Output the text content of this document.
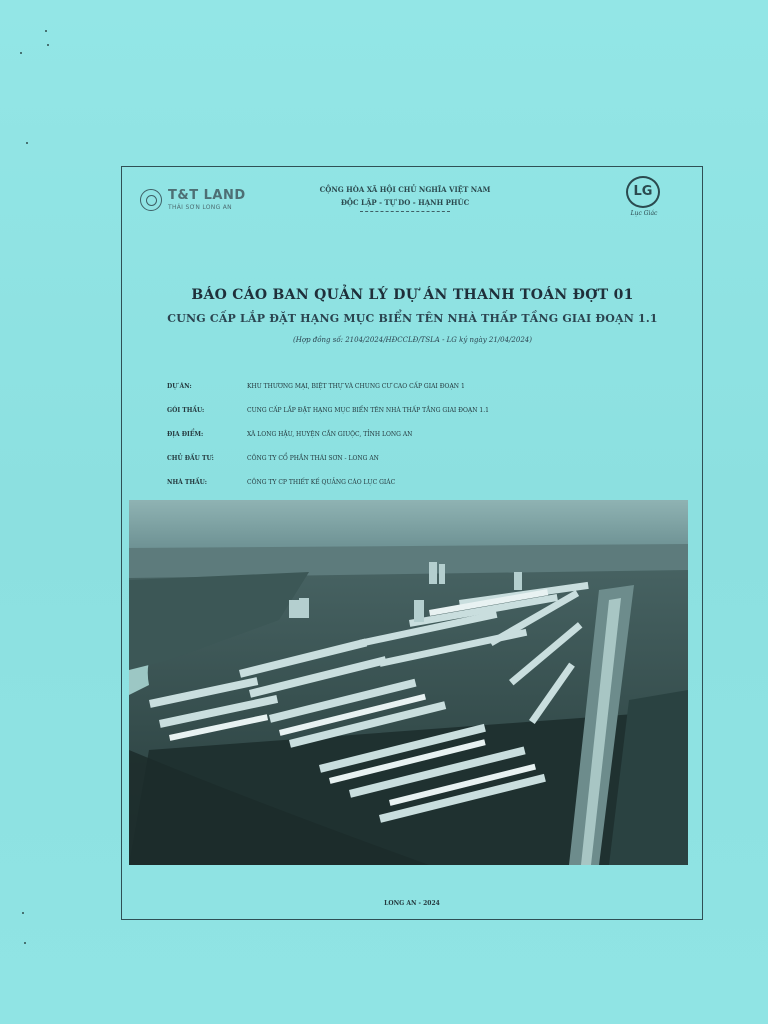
T&T LAND
THÁI SƠN LONG AN
CỘNG HÒA XÃ HỘI CHỦ NGHĨA VIỆT NAM
ĐỘC LẬP - TỰ DO - HẠNH PHÚC
LG
Lục Giác
BÁO CÁO BAN QUẢN LÝ DỰ ÁN THANH TOÁN ĐỢT 01
CUNG CẤP LẮP ĐẶT HẠNG MỤC BIỂN TÊN NHÀ THẤP TẦNG GIAI ĐOẠN 1.1
(Hợp đồng số: 2104/2024/HĐCCLĐ/TSLA - LG ký ngày 21/04/2024)
DỰ ÁN:	KHU THƯƠNG MẠI, BIỆT THỰ VÀ CHUNG CƯ CAO CẤP GIAI ĐOẠN 1
GÓI THẦU:	CUNG CẤP LẮP ĐẶT HẠNG MỤC BIỂN TÊN NHÀ THẤP TẦNG GIAI ĐOẠN 1.1
ĐỊA ĐIỂM:	XÃ LONG HẬU, HUYỆN CẦN GIUỘC, TỈNH LONG AN
CHỦ ĐẦU TƯ:	CÔNG TY CỔ PHẦN THÁI SƠN - LONG AN
NHÀ THẦU:	CÔNG TY CP THIẾT KẾ QUẢNG CÁO LỤC GIÁC
LONG AN - 2024
